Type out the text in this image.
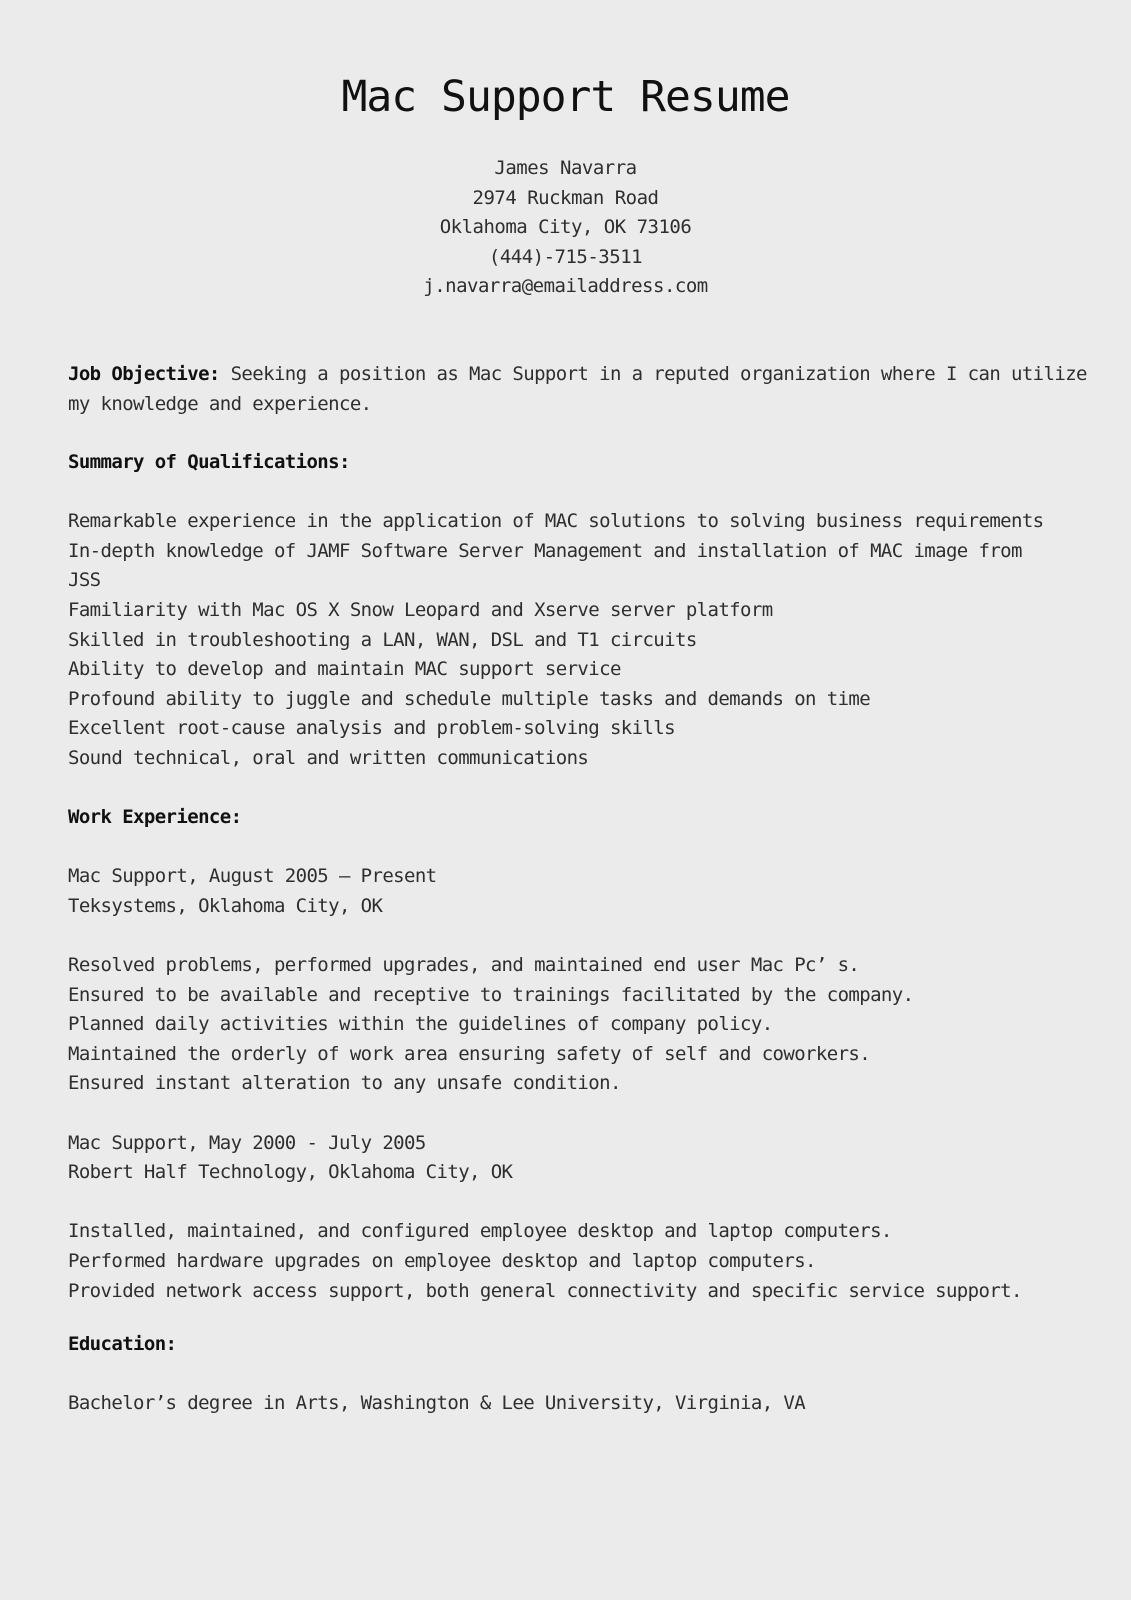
Mac Support Resume
James Navarra
2974 Ruckman Road
Oklahoma City, OK 73106
(444)-715-3511
j.navarra@emailaddress.com
Job Objective: Seeking a position as Mac Support in a reputed organization where I can utilize
my knowledge and experience.
Summary of Qualifications:

Remarkable experience in the application of MAC solutions to solving business requirements
In-depth knowledge of JAMF Software Server Management and installation of MAC image from
JSS
Familiarity with Mac OS X Snow Leopard and Xserve server platform
Skilled in troubleshooting a LAN, WAN, DSL and T1 circuits
Ability to develop and maintain MAC support service
Profound ability to juggle and schedule multiple tasks and demands on time
Excellent root-cause analysis and problem-solving skills
Sound technical, oral and written communications
Work Experience:

Mac Support, August 2005 – Present
Teksystems, Oklahoma City, OK

Resolved problems, performed upgrades, and maintained end user Mac Pc’ s.
Ensured to be available and receptive to trainings facilitated by the company.
Planned daily activities within the guidelines of company policy.
Maintained the orderly of work area ensuring safety of self and coworkers.
Ensured instant alteration to any unsafe condition.

Mac Support, May 2000 - July 2005
Robert Half Technology, Oklahoma City, OK

Installed, maintained, and configured employee desktop and laptop computers.
Performed hardware upgrades on employee desktop and laptop computers.
Provided network access support, both general connectivity and specific service support.
Education:

Bachelor’s degree in Arts, Washington & Lee University, Virginia, VA
